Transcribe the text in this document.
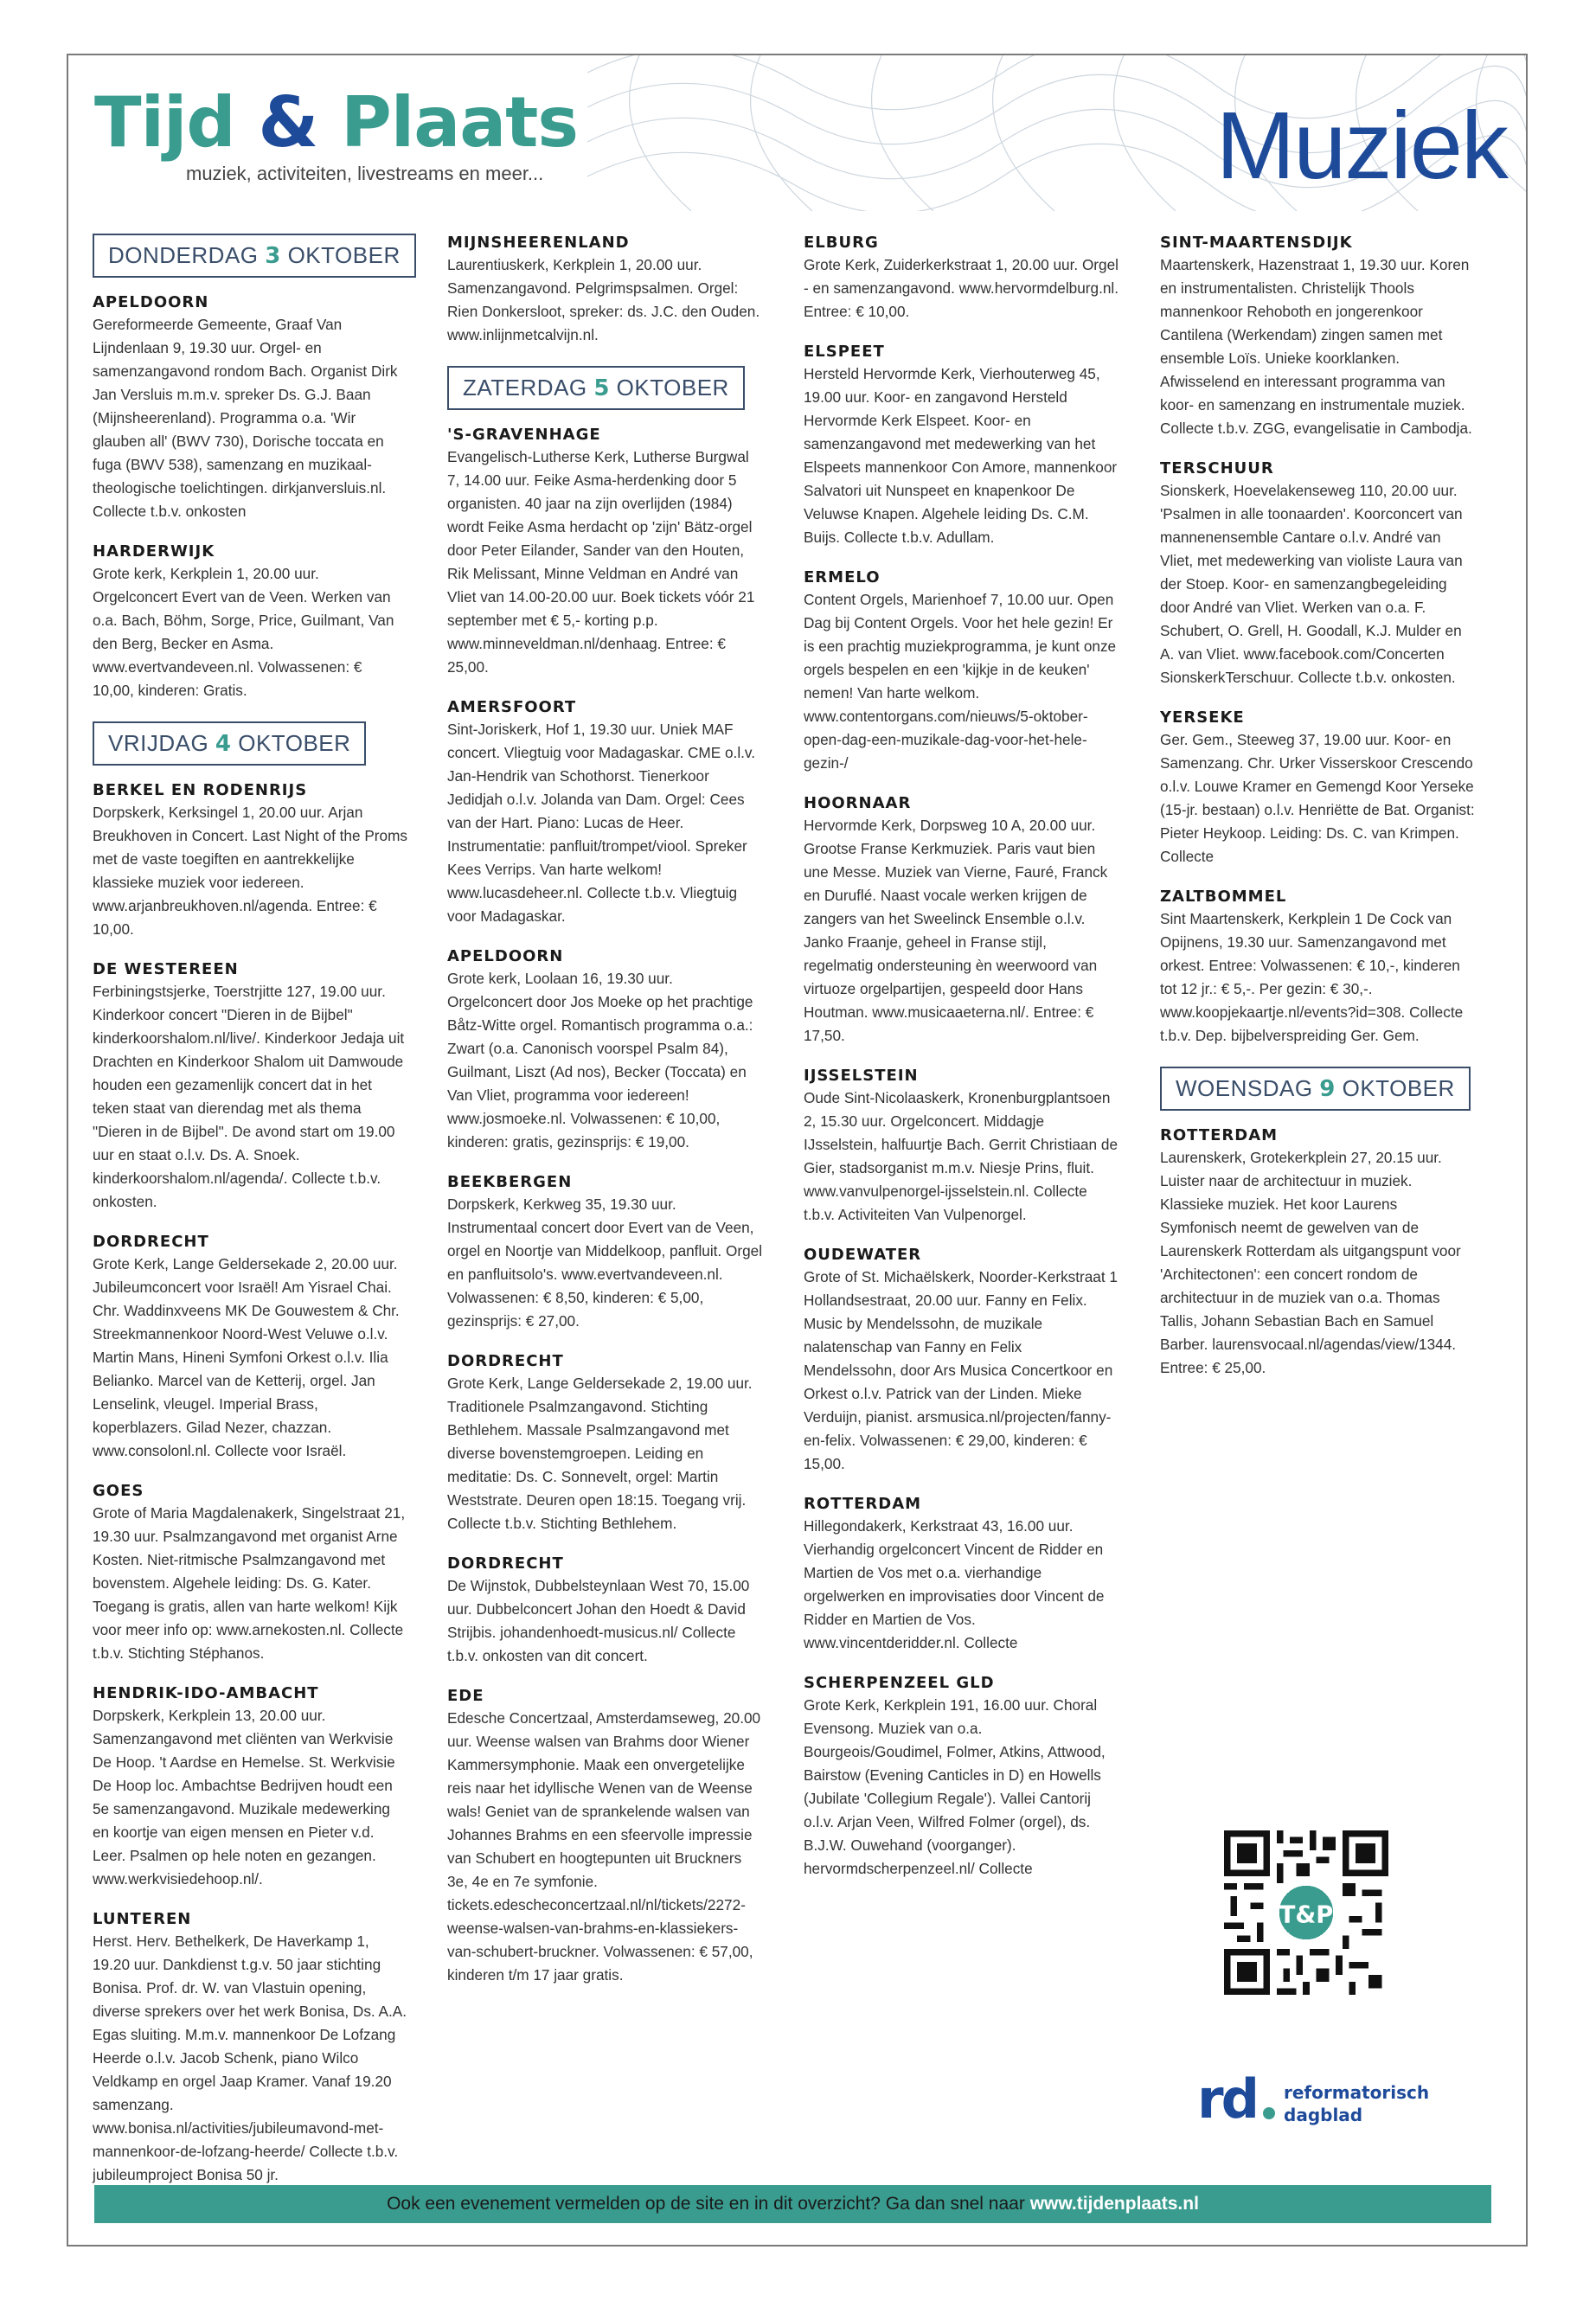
Tijd & Plaats
muziek, activiteiten, livestreams en meer...	Muziek
DONDERDAG 3 OKTOBER
APELDOORN

Gereformeerde Gemeente, Graaf Van Lijndenlaan 9, 19.30 uur. Orgel- en samenzangavond rondom Bach. Organist Dirk Jan Versluis m.m.v. spreker Ds. G.J. Baan (Mijnsheerenland). Programma o.a. 'Wir glauben all' (BWV 730), Dorische toccata en fuga (BWV 538), samenzang en muzikaal-theologische toelichtingen. dirkjanversluis.nl. Collecte t.b.v. onkosten

HARDERWIJK

Grote kerk, Kerkplein 1, 20.00 uur. Orgelconcert Evert van de Veen. Werken van o.a. Bach, Böhm, Sorge, Price, Guilmant, Van den Berg, Becker en Asma. www.evertvandeveen.nl. Volwassenen: € 10,00, kinderen: Gratis.

VRIJDAG 4 OKTOBER
BERKEL EN RODENRIJS

Dorpskerk, Kerksingel 1, 20.00 uur. Arjan Breukhoven in Concert. Last Night of the Proms met de vaste toegiften en aantrekkelijke klassieke muziek voor iedereen. www.arjanbreukhoven.nl/agenda. Entree: € 10,00.

DE WESTEREEN

Ferbiningstsjerke, Toerstrjitte 127, 19.00 uur. Kinderkoor concert "Dieren in de Bijbel" kinderkoorshalom.nl/live/. Kinderkoor Jedaja uit Drachten en Kinderkoor Shalom uit Damwoude houden een gezamenlijk concert dat in het teken staat van dierendag met als thema "Dieren in de Bijbel". De avond start om 19.00 uur en staat o.l.v. Ds. A. Snoek. kinderkoorshalom.nl/agenda/. Collecte t.b.v. onkosten.

DORDRECHT

Grote Kerk, Lange Geldersekade 2, 20.00 uur. Jubileumconcert voor Israël! Am Yisrael Chai. Chr. Waddinxveens MK De Gouwestem & Chr. Streekmannenkoor Noord-West Veluwe o.l.v. Martin Mans, Hineni Symfoni Orkest o.l.v. Ilia Belianko. Marcel van de Ketterij, orgel. Jan Lenselink, vleugel. Imperial Brass, koperblazers. Gilad Nezer, chazzan. www.consolonl.nl. Collecte voor Israël.

GOES

Grote of Maria Magdalenakerk, Singelstraat 21, 19.30 uur. Psalmzangavond met organist Arne Kosten. Niet-ritmische Psalmzangavond met bovenstem. Algehele leiding: Ds. G. Kater. Toegang is gratis, allen van harte welkom! Kijk voor meer info op: www.arnekosten.nl. Collecte t.b.v. Stichting Stéphanos.

HENDRIK-IDO-AMBACHT

Dorpskerk, Kerkplein 13, 20.00 uur. Samenzangavond met cliënten van Werkvisie De Hoop. 't Aardse en Hemelse. St. Werkvisie De Hoop loc. Ambachtse Bedrijven houdt een 5e samenzangavond. Muzikale medewerking en koortje van eigen mensen en Pieter v.d. Leer. Psalmen op hele noten en gezangen. www.werkvisiedehoop.nl/.

LUNTEREN

Herst. Herv. Bethelkerk, De Haverkamp 1, 19.20 uur. Dankdienst t.g.v. 50 jaar stichting Bonisa. Prof. dr. W. van Vlastuin opening, diverse sprekers over het werk Bonisa, Ds. A.A. Egas sluiting. M.m.v. mannenkoor De Lofzang Heerde o.l.v. Jacob Schenk, piano Wilco Veldkamp en orgel Jaap Kramer. Vanaf 19.20 samenzang. www.bonisa.nl/activities/jubileumavond-met-mannenkoor-de-lofzang-heerde/ Collecte t.b.v. jubileumproject Bonisa 50 jr.

MIJNSHEERENLAND

Laurentiuskerk, Kerkplein 1, 20.00 uur. Samenzangavond. Pelgrimspsalmen. Orgel: Rien Donkersloot, spreker: ds. J.C. den Ouden. www.inlijnmetcalvijn.nl.

ZATERDAG 5 OKTOBER
'S-GRAVENHAGE

Evangelisch-Lutherse Kerk, Lutherse Burgwal 7, 14.00 uur. Feike Asma-herdenking door 5 organisten. 40 jaar na zijn overlijden (1984) wordt Feike Asma herdacht op 'zijn' Bätz-orgel door Peter Eilander, Sander van den Houten, Rik Melissant, Minne Veldman en André van Vliet van 14.00-20.00 uur. Boek tickets vóór 21 september met € 5,- korting p.p. www.minneveldman.nl/denhaag. Entree: € 25,00.

AMERSFOORT

Sint-Joriskerk, Hof 1, 19.30 uur. Uniek MAF concert. Vliegtuig voor Madagaskar. CME o.l.v. Jan-Hendrik van Schothorst. Tienerkoor Jedidjah o.l.v. Jolanda van Dam. Orgel: Cees van der Hart. Piano: Lucas de Heer. Instrumentatie: panfluit/trompet/viool. Spreker Kees Verrips. Van harte welkom! www.lucasdeheer.nl. Collecte t.b.v. Vliegtuig voor Madagaskar.

APELDOORN

Grote kerk, Loolaan 16, 19.30 uur. Orgelconcert door Jos Moeke op het prachtige Båtz-Witte orgel. Romantisch programma o.a.: Zwart (o.a. Canonisch voorspel Psalm 84), Guilmant, Liszt (Ad nos), Becker (Toccata) en Van Vliet, programma voor iedereen! www.josmoeke.nl. Volwassenen: € 10,00, kinderen: gratis, gezinsprijs: € 19,00.

BEEKBERGEN

Dorpskerk, Kerkweg 35, 19.30 uur. Instrumentaal concert door Evert van de Veen, orgel en Noortje van Middelkoop, panfluit. Orgel en panfluitsolo's. www.evertvandeveen.nl. Volwassenen: € 8,50, kinderen: € 5,00, gezinsprijs: € 27,00.

DORDRECHT

Grote Kerk, Lange Geldersekade 2, 19.00 uur. Traditionele Psalmzangavond. Stichting Bethlehem. Massale Psalmzangavond met diverse bovenstemgroepen. Leiding en meditatie: Ds. C. Sonnevelt, orgel: Martin Weststrate. Deuren open 18:15. Toegang vrij. Collecte t.b.v. Stichting Bethlehem.

DORDRECHT

De Wijnstok, Dubbelsteynlaan West 70, 15.00 uur. Dubbelconcert Johan den Hoedt & David Strijbis. johandenhoedt-musicus.nl/ Collecte t.b.v. onkosten van dit concert.

EDE

Edesche Concertzaal, Amsterdamseweg, 20.00 uur. Weense walsen van Brahms door Wiener Kammersymphonie. Maak een onvergetelijke reis naar het idyllische Wenen van de Weense wals! Geniet van de sprankelende walsen van Johannes Brahms en een sfeervolle impressie van Schubert en hoogtepunten uit Bruckners 3e, 4e en 7e symfonie. tickets.edescheconcertzaal.nl/nl/tickets/2272-weense-walsen-van-brahms-en-klassiekers-van-schubert-bruckner. Volwassenen: € 57,00, kinderen t/m 17 jaar gratis.

ELBURG

Grote Kerk, Zuiderkerkstraat 1, 20.00 uur. Orgel - en samenzangavond. www.hervormdelburg.nl. Entree: € 10,00.

ELSPEET

Hersteld Hervormde Kerk, Vierhouterweg 45, 19.00 uur. Koor- en zangavond Hersteld Hervormde Kerk Elspeet. Koor- en samenzangavond met medewerking van het Elspeets mannenkoor Con Amore, mannenkoor Salvatori uit Nunspeet en knapenkoor De Veluwse Knapen. Algehele leiding Ds. C.M. Buijs. Collecte t.b.v. Adullam.

ERMELO

Content Orgels, Marienhoef 7, 10.00 uur. Open Dag bij Content Orgels. Voor het hele gezin! Er is een prachtig muziekprogramma, je kunt onze orgels bespelen en een 'kijkje in de keuken' nemen! Van harte welkom. www.contentorgans.com/nieuws/5-oktober-open-dag-een-muzikale-dag-voor-het-hele-gezin-/

HOORNAAR

Hervormde Kerk, Dorpsweg 10 A, 20.00 uur. Grootse Franse Kerkmuziek. Paris vaut bien une Messe. Muziek van Vierne, Fauré, Franck en Duruflé. Naast vocale werken krijgen de zangers van het Sweelinck Ensemble o.l.v. Janko Fraanje, geheel in Franse stijl, regelmatig ondersteuning èn weerwoord van virtuoze orgelpartijen, gespeeld door Hans Houtman. www.musicaaeterna.nl/. Entree: € 17,50.

IJSSELSTEIN

Oude Sint-Nicolaaskerk, Kronenburgplantsoen 2, 15.30 uur. Orgelconcert. Middagje IJsselstein, halfuurtje Bach. Gerrit Christiaan de Gier, stadsorganist m.m.v. Niesje Prins, fluit. www.vanvulpenorgel-ijsselstein.nl. Collecte t.b.v. Activiteiten Van Vulpenorgel.

OUDEWATER

Grote of St. Michaëlskerk, Noorder-Kerkstraat 1 Hollandsestraat, 20.00 uur. Fanny en Felix. Music by Mendelssohn, de muzikale nalatenschap van Fanny en Felix Mendelssohn, door Ars Musica Concertkoor en Orkest o.l.v. Patrick van der Linden. Mieke Verduijn, pianist. arsmusica.nl/projecten/fanny-en-felix. Volwassenen: € 29,00, kinderen: € 15,00.

ROTTERDAM

Hillegondakerk, Kerkstraat 43, 16.00 uur. Vierhandig orgelconcert Vincent de Ridder en Martien de Vos met o.a. vierhandige orgelwerken en improvisaties door Vincent de Ridder en Martien de Vos. www.vincentderidder.nl. Collecte

SCHERPENZEEL GLD

Grote Kerk, Kerkplein 191, 16.00 uur. Choral Evensong. Muziek van o.a. Bourgeois/Goudimel, Folmer, Atkins, Attwood, Bairstow (Evening Canticles in D) en Howells (Jubilate 'Collegium Regale'). Vallei Cantorij o.l.v. Arjan Veen, Wilfred Folmer (orgel), ds. B.J.W. Ouwehand (voorganger). hervormdscherpenzeel.nl/ Collecte

SINT-MAARTENSDIJK

Maartenskerk, Hazenstraat 1, 19.30 uur. Koren en instrumentalisten. Christelijk Thools mannenkoor Rehoboth en jongerenkoor Cantilena (Werkendam) zingen samen met ensemble Loïs. Unieke koorklanken. Afwisselend en interessant programma van koor- en samenzang en instrumentale muziek. Collecte t.b.v. ZGG, evangelisatie in Cambodja.

TERSCHUUR

Sionskerk, Hoevelakenseweg 110, 20.00 uur. 'Psalmen in alle toonaarden'. Koorconcert van mannenensemble Cantare o.l.v. André van Vliet, met medewerking van violiste Laura van der Stoep. Koor- en samenzangbegeleiding door André van Vliet. Werken van o.a. F. Schubert, O. Grell, H. Goodall, K.J. Mulder en A. van Vliet. www.facebook.com/Concerten SionskerkTerschuur. Collecte t.b.v. onkosten.

YERSEKE

Ger. Gem., Steeweg 37, 19.00 uur. Koor- en Samenzang. Chr. Urker Visserskoor Crescendo o.l.v. Louwe Kramer en Gemengd Koor Yerseke (15-jr. bestaan) o.l.v. Henriëtte de Bat. Organist: Pieter Heykoop. Leiding: Ds. C. van Krimpen. Collecte

ZALTBOMMEL

Sint Maartenskerk, Kerkplein 1 De Cock van Opijnens, 19.30 uur. Samenzangavond met orkest. Entree: Volwassenen: € 10,-, kinderen tot 12 jr.: € 5,-. Per gezin: € 30,-. www.koopjekaartje.nl/events?id=308. Collecte t.b.v. Dep. bijbelverspreiding Ger. Gem.

WOENSDAG 9 OKTOBER
ROTTERDAM

Laurenskerk, Grotekerkplein 27, 20.15 uur. Luister naar de architectuur in muziek. Klassieke muziek. Het koor Laurens Symfonisch neemt de gewelven van de Laurenskerk Rotterdam als uitgangspunt voor 'Architectonen': een concert rondom de architectuur in de muziek van o.a. Thomas Tallis, Johann Sebastian Bach en Samuel Barber. laurensvocaal.nl/agendas/view/1344. Entree: € 25,00.

T&P
rd reformatorisch
dagblad
Ook een evenement vermelden op de site en in dit overzicht? Ga dan snel naar www.tijdenplaats.nl
